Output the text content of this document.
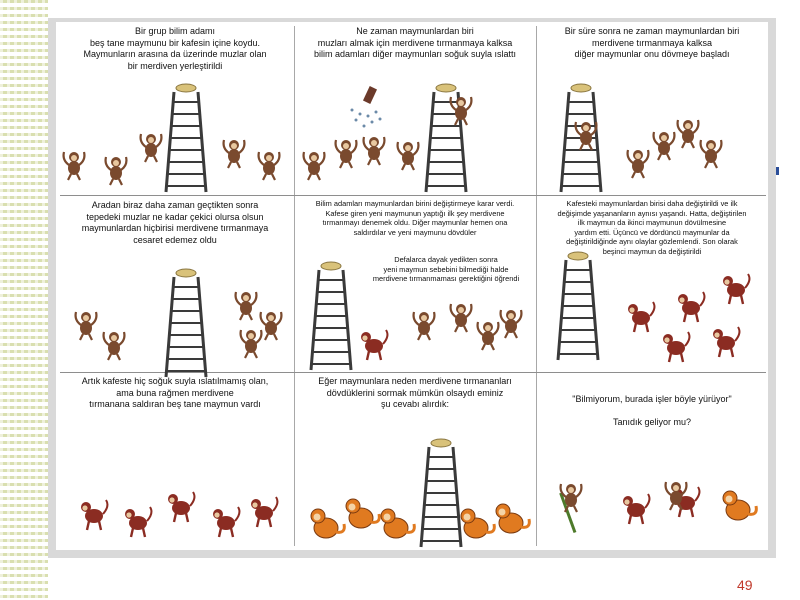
Bir grup bilim adamı
beş tane maymunu bir kafesin içine koydu.
Maymunların arasına da üzerinde muzlar olan
bir merdiven yerleştirildi
Ne zaman maymunlardan biri
muzları almak için merdivene tırmanmaya kalksa
bilim adamları diğer maymunları soğuk suyla ıslattı
Bir süre sonra ne zaman maymunlardan biri
merdivene tırmanmaya kalksa
diğer maymunlar onu dövmeye başladı
Aradan biraz daha zaman geçtikten sonra
tepedeki muzlar ne kadar çekici olursa olsun
maymunlardan hiçbirisi merdivene tırmanmaya
cesaret edemez oldu
Bilim adamları maymunlardan birini değiştirmeye karar verdi.
Kafese giren yeni maymunun yaptığı ilk şey merdivene
tırmanmayı denemek oldu. Diğer maymunlar hemen ona
saldırdılar ve yeni maymunu dövdüler
Defalarca dayak yedikten sonra
yeni maymun sebebini bilmediği halde
merdivene tırmanmaması gerektiğini öğrendi
Kafesteki maymunlardan birisi daha değiştirildi ve ilk
değişimde yaşananların aynısı yaşandı. Hatta, değiştirilen
ilk maymun da ikinci maymunun dövülmesine
yardım etti. Üçüncü ve dördüncü maymunlar da
değiştirildiğinde aynı olaylar gözlemlendi. Son olarak
beşinci maymun da değiştirildi
Artık kafeste hiç soğuk suyla ıslatılmamış olan,
ama buna rağmen merdivene
tırmanana saldıran beş tane maymun vardı
Eğer maymunlara neden merdivene tırmananları
dövdüklerini sormak mümkün olsaydı eminiz
şu cevabı alırdık:	"Bilmiyorum, burada işler böyle yürüyor"

Tanıdık geliyor mu?
49
